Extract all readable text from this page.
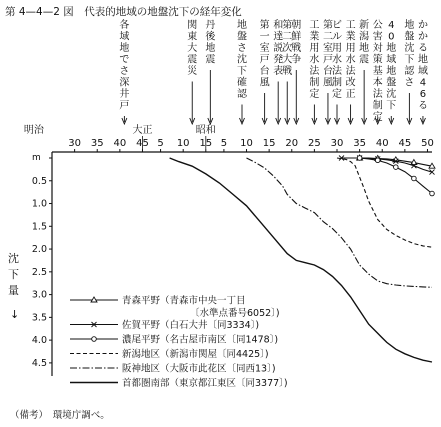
第 4—4—2 図　代表的地域の地盤沈下の経年変化
m
0.5
1.0
1.5
2.0
2.5
3.0
3.5
4.0
4.5
沈
下
量
↓
30 35 40 45 5 10 15 5 10 15 20 25 30 35 40 45 50
明治	大正	昭和
各域地でさ深井戸
関東大震災
丹後地震
地盤さ沈下確認
第一室戸台風
和達説発表
第二次大戦
朝鮮戦争
工業用水法制定
第二室戸台風
ビル用水法制定
工業用水法改正
新潟地震
公害対策基本法制定
4 0 地域地盤沈下
地盤沈下認さ
かかる地域 4 6 る
青森平野（青森市中央一丁目
〔水準点番号6052〕)
佐賀平野（白石大井〔同3334〕)
濃尾平野（名古屋市南区〔同1478〕)
新潟地区（新潟市関屋〔同4425〕)
阪神地区（大阪市此花区〔同西13〕)
首都圏南部（東京都江東区〔同3377〕)
（備考）　環境庁調べ。
